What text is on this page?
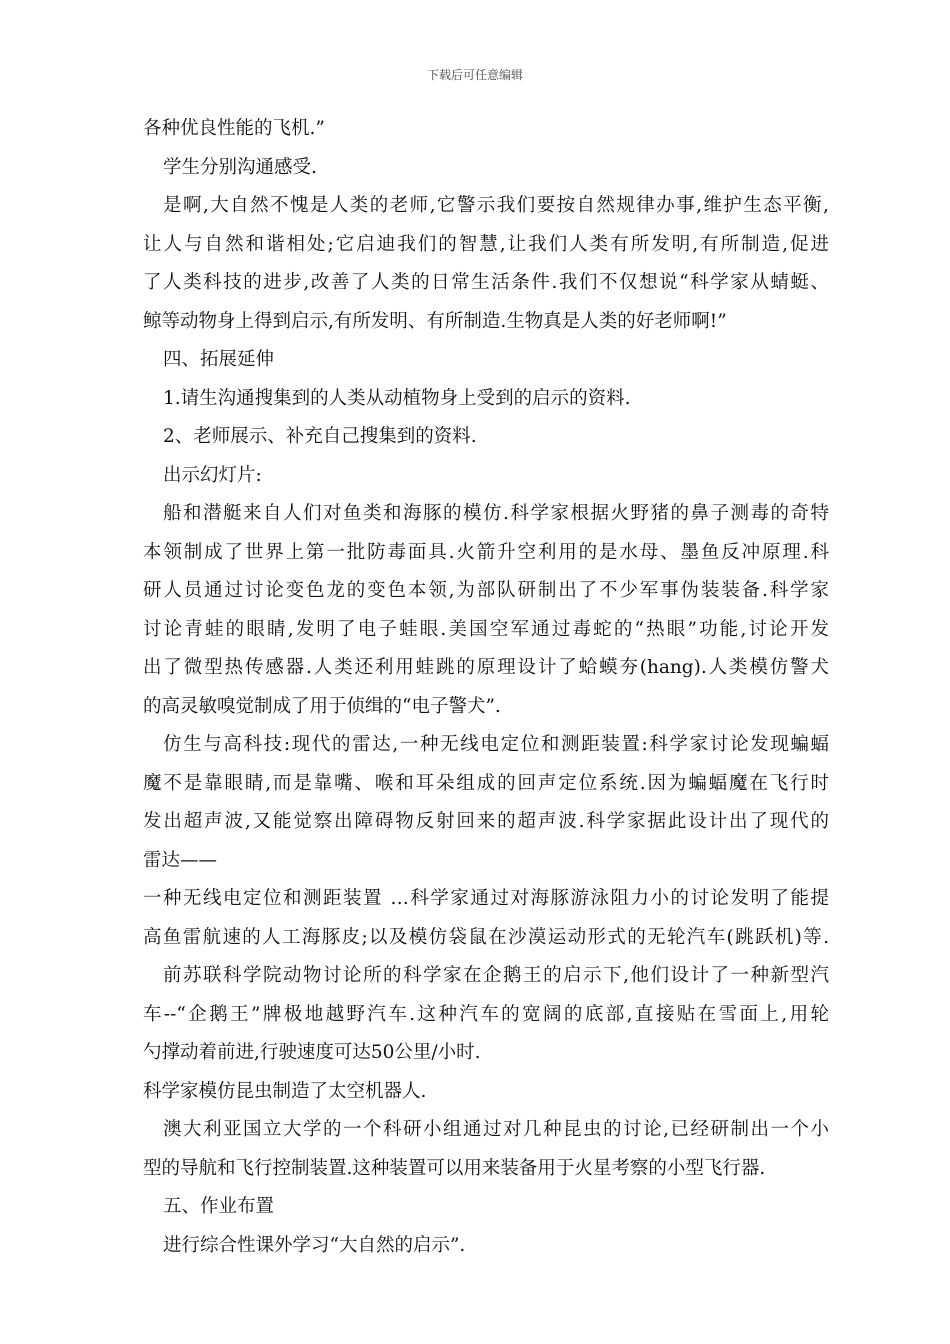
下载后可任意编辑
各种优良性能的飞机.”
学生分别沟通感受.
是啊,大自然不愧是人类的老师,它警示我们要按自然规律办事,维护生态平衡,
让人与自然和谐相处;它启迪我们的智慧,让我们人类有所发明,有所制造,促进
了人类科技的进步,改善了人类的日常生活条件.我们不仅想说“科学家从蜻蜓、
鲸等动物身上得到启示,有所发明、有所制造.生物真是人类的好老师啊!”
四、拓展延伸
1.请生沟通搜集到的人类从动植物身上受到的启示的资料.
2、老师展示、补充自己搜集到的资料.
出示幻灯片:
船和潜艇来自人们对鱼类和海豚的模仿.科学家根据火野猪的鼻子测毒的奇特
本领制成了世界上第一批防毒面具.火箭升空利用的是水母、墨鱼反冲原理.科
研人员通过讨论变色龙的变色本领,为部队研制出了不少军事伪装装备.科学家
讨论青蛙的眼睛,发明了电子蛙眼.美国空军通过毒蛇的“热眼”功能,讨论开发
出了微型热传感器.人类还利用蛙跳的原理设计了蛤蟆夯(hang).人类模仿警犬
的高灵敏嗅觉制成了用于侦缉的“电子警犬”.
仿生与高科技:现代的雷达,一种无线电定位和测距装置:科学家讨论发现蝙蝠
魔不是靠眼睛,而是靠嘴、喉和耳朵组成的回声定位系统.因为蝙蝠魔在飞行时
发出超声波,又能觉察出障碍物反射回来的超声波.科学家据此设计出了现代的
雷达——
一种无线电定位和测距装置 …科学家通过对海豚游泳阻力小的讨论发明了能提
高鱼雷航速的人工海豚皮;以及模仿袋鼠在沙漠运动形式的无轮汽车(跳跃机)等.
前苏联科学院动物讨论所的科学家在企鹅王的启示下,他们设计了一种新型汽
车--“企鹅王”牌极地越野汽车.这种汽车的宽阔的底部,直接贴在雪面上,用轮
勺撑动着前进,行驶速度可达50公里/小时.
科学家模仿昆虫制造了太空机器人.
澳大利亚国立大学的一个科研小组通过对几种昆虫的讨论,已经研制出一个小
型的导航和飞行控制装置.这种装置可以用来装备用于火星考察的小型飞行器.
五、作业布置
进行综合性课外学习“大自然的启示”.
